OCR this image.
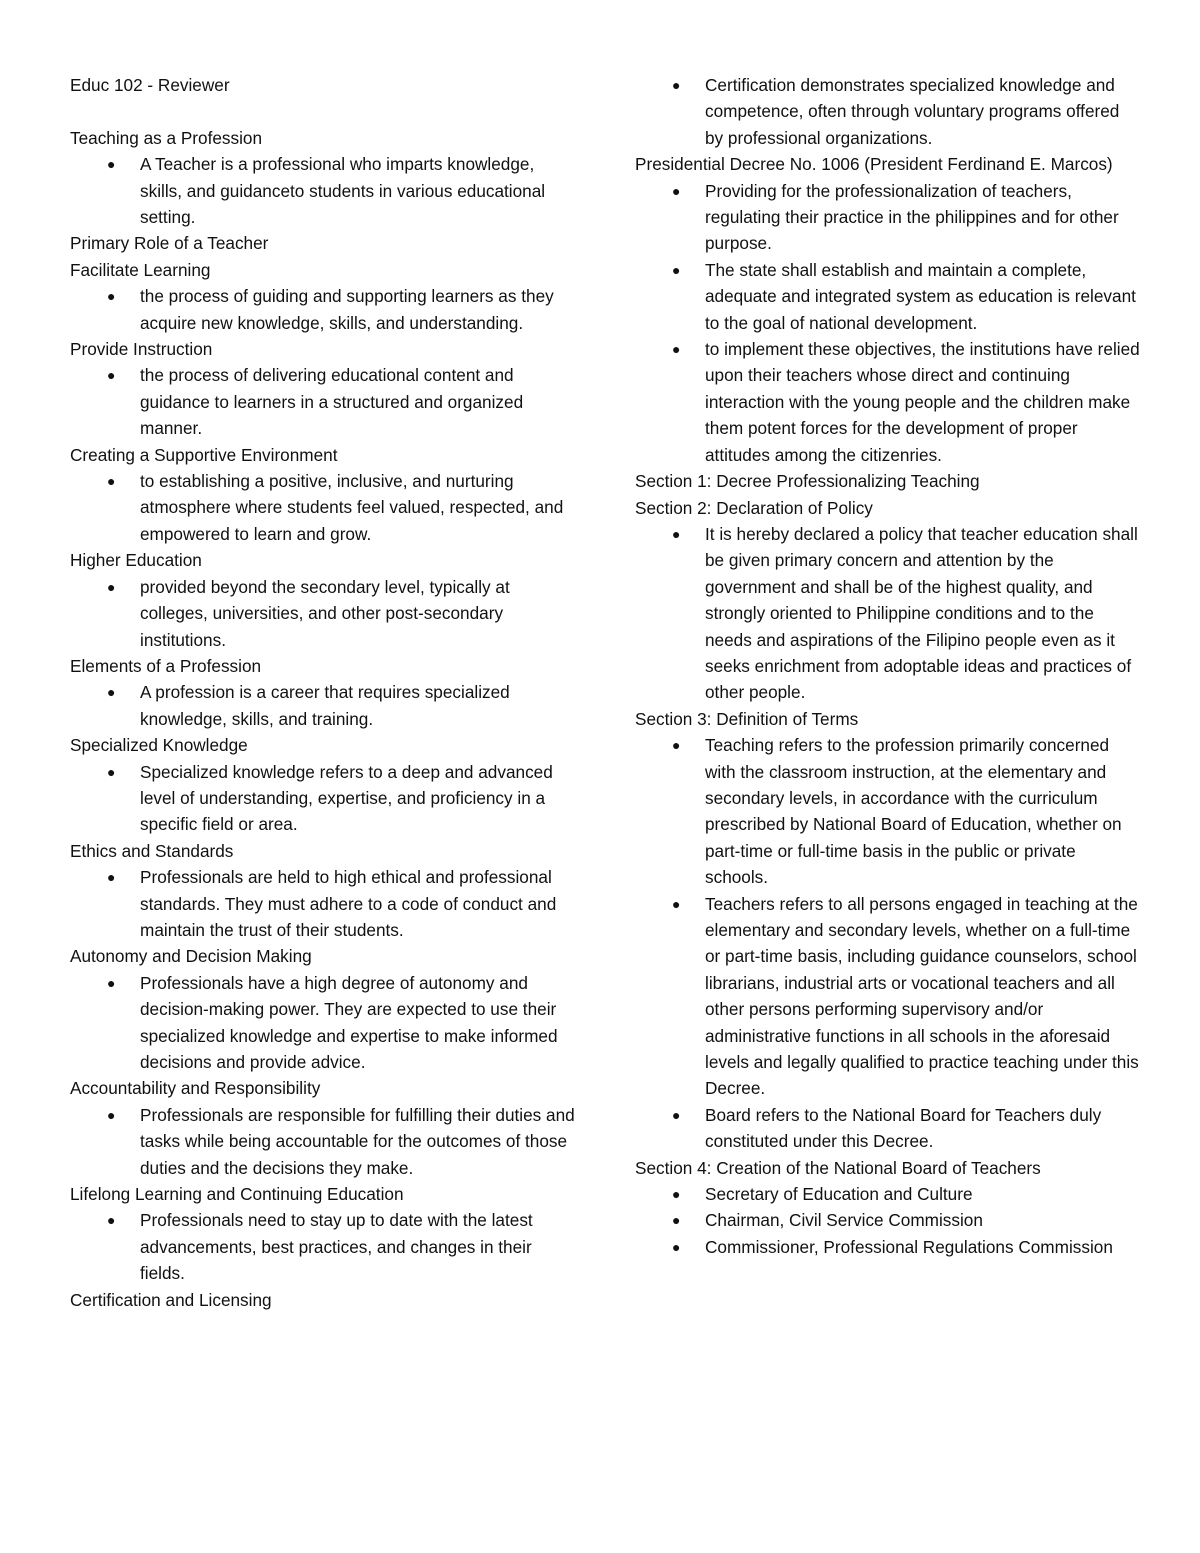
Educ 102 - Reviewer

Teaching as a Profession

● A Teacher is a professional who imparts knowledge, skills, and guidanceto students in various educational setting.

Primary Role of a Teacher

Facilitate Learning

● the process of guiding and supporting learners as they acquire new knowledge, skills, and understanding.

Provide Instruction

● the process of delivering educational content and guidance to learners in a structured and organized manner.

Creating a Supportive Environment

● to establishing a positive, inclusive, and nurturing atmosphere where students feel valued, respected, and empowered to learn and grow.

Higher Education

● provided beyond the secondary level, typically at colleges, universities, and other post-secondary institutions.

Elements of a Profession

● A profession is a career that requires specialized knowledge, skills, and training.

Specialized Knowledge

● Specialized knowledge refers to a deep and advanced level of understanding, expertise, and proficiency in a specific field or area.

Ethics and Standards

● Professionals are held to high ethical and professional standards. They must adhere to a code of conduct and maintain the trust of their students.

Autonomy and Decision Making

● Professionals have a high degree of autonomy and decision-making power. They are expected to use their specialized knowledge and expertise to make informed decisions and provide advice.

Accountability and Responsibility

● Professionals are responsible for fulfilling their duties and tasks while being accountable for the outcomes of those duties and the decisions they make.

Lifelong Learning and Continuing Education

● Professionals need to stay up to date with the latest advancements, best practices, and changes in their fields.

Certification and Licensing

● Certification demonstrates specialized knowledge and competence, often through voluntary programs offered by professional organizations.

Presidential Decree No. 1006 (President Ferdinand E. Marcos)

● Providing for the professionalization of teachers, regulating their practice in the philippines and for other purpose.
● The state shall establish and maintain a complete, adequate and integrated system as education is relevant to the goal of national development.
● to implement these objectives, the institutions have relied upon their teachers whose direct and continuing interaction with the young people and the children make them potent forces for the development of proper attitudes among the citizenries.

Section 1: Decree Professionalizing Teaching

Section 2: Declaration of Policy

● It is hereby declared a policy that teacher education shall be given primary concern and attention by the government and shall be of the highest quality, and strongly oriented to Philippine conditions and to the needs and aspirations of the Filipino people even as it seeks enrichment from adoptable ideas and practices of other people.

Section 3: Definition of Terms

● Teaching refers to the profession primarily concerned with the classroom instruction, at the elementary and secondary levels, in accordance with the curriculum prescribed by National Board of Education, whether on part-time or full-time basis in the public or private schools.
● Teachers refers to all persons engaged in teaching at the elementary and secondary levels, whether on a full-time or part-time basis, including guidance counselors, school librarians, industrial arts or vocational teachers and all other persons performing supervisory and/or administrative functions in all schools in the aforesaid levels and legally qualified to practice teaching under this Decree.
● Board refers to the National Board for Teachers duly constituted under this Decree.

Section 4: Creation of the National Board of Teachers

● Secretary of Education and Culture
● Chairman, Civil Service Commission
● Commissioner, Professional Regulations Commission
